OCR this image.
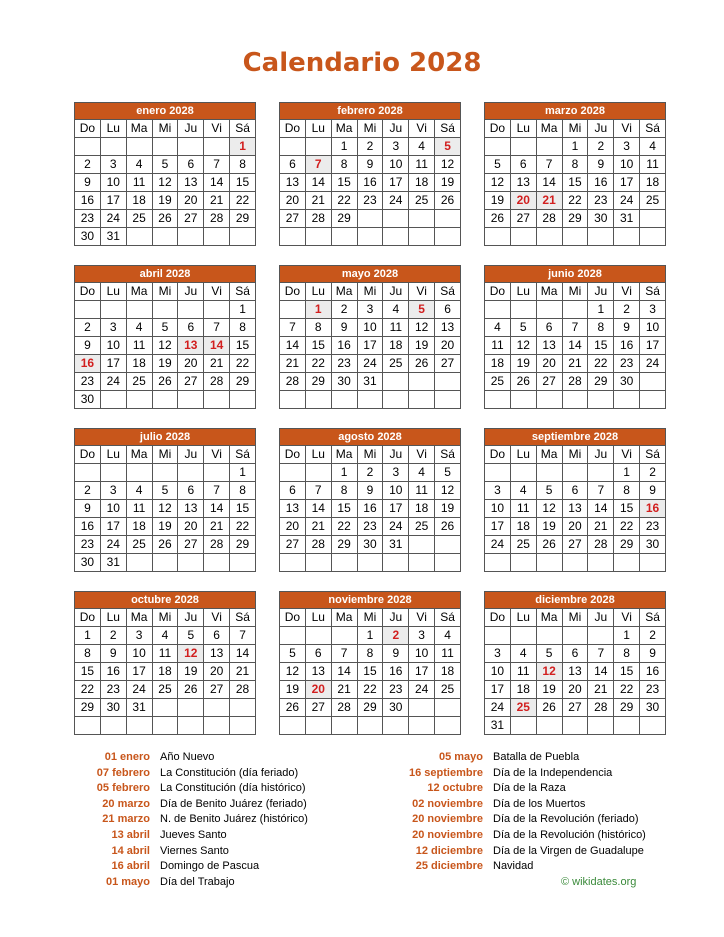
Calendario 2028
enero 2028						
Do	Lu	Ma	Mi	Ju	Vi	Sá
						1
2	3	4	5	6	7	8
9	10	11	12	13	14	15
16	17	18	19	20	21	22
23	24	25	26	27	28	29
30	31					
febrero 2028						
Do	Lu	Ma	Mi	Ju	Vi	Sá
		1	2	3	4	5
6	7	8	9	10	11	12
13	14	15	16	17	18	19
20	21	22	23	24	25	26
27	28	29				

marzo 2028						
Do	Lu	Ma	Mi	Ju	Vi	Sá
			1	2	3	4
5	6	7	8	9	10	11
12	13	14	15	16	17	18
19	20	21	22	23	24	25
26	27	28	29	30	31	

abril 2028						
Do	Lu	Ma	Mi	Ju	Vi	Sá
						1
2	3	4	5	6	7	8
9	10	11	12	13	14	15
16	17	18	19	20	21	22
23	24	25	26	27	28	29
30						
mayo 2028						
Do	Lu	Ma	Mi	Ju	Vi	Sá
	1	2	3	4	5	6
7	8	9	10	11	12	13
14	15	16	17	18	19	20
21	22	23	24	25	26	27
28	29	30	31			

junio 2028						
Do	Lu	Ma	Mi	Ju	Vi	Sá
				1	2	3
4	5	6	7	8	9	10
11	12	13	14	15	16	17
18	19	20	21	22	23	24
25	26	27	28	29	30	

julio 2028						
Do	Lu	Ma	Mi	Ju	Vi	Sá
						1
2	3	4	5	6	7	8
9	10	11	12	13	14	15
16	17	18	19	20	21	22
23	24	25	26	27	28	29
30	31					
agosto 2028						
Do	Lu	Ma	Mi	Ju	Vi	Sá
		1	2	3	4	5
6	7	8	9	10	11	12
13	14	15	16	17	18	19
20	21	22	23	24	25	26
27	28	29	30	31		

septiembre 2028						
Do	Lu	Ma	Mi	Ju	Vi	Sá
					1	2
3	4	5	6	7	8	9
10	11	12	13	14	15	16
17	18	19	20	21	22	23
24	25	26	27	28	29	30

octubre 2028						
Do	Lu	Ma	Mi	Ju	Vi	Sá
1	2	3	4	5	6	7
8	9	10	11	12	13	14
15	16	17	18	19	20	21
22	23	24	25	26	27	28
29	30	31				

noviembre 2028						
Do	Lu	Ma	Mi	Ju	Vi	Sá
			1	2	3	4
5	6	7	8	9	10	11
12	13	14	15	16	17	18
19	20	21	22	23	24	25
26	27	28	29	30		

diciembre 2028						
Do	Lu	Ma	Mi	Ju	Vi	Sá
					1	2
3	4	5	6	7	8	9
10	11	12	13	14	15	16
17	18	19	20	21	22	23
24	25	26	27	28	29	30
31						
01 enero Año Nuevo
07 febrero La Constitución (día feriado)
05 febrero La Constitución (día histórico)
20 marzo Día de Benito Juárez (feriado)
21 marzo N. de Benito Juárez (histórico)
13 abril Jueves Santo
14 abril Viernes Santo
16 abril Domingo de Pascua
01 mayo Día del Trabajo
05 mayo Batalla de Puebla
16 septiembre Día de la Independencia
12 octubre Día de la Raza
02 noviembre Día de los Muertos
20 noviembre Día de la Revolución (feriado)
20 noviembre Día de la Revolución (histórico)
12 diciembre Día de la Virgen de Guadalupe
25 diciembre Navidad
© wikidates.org
